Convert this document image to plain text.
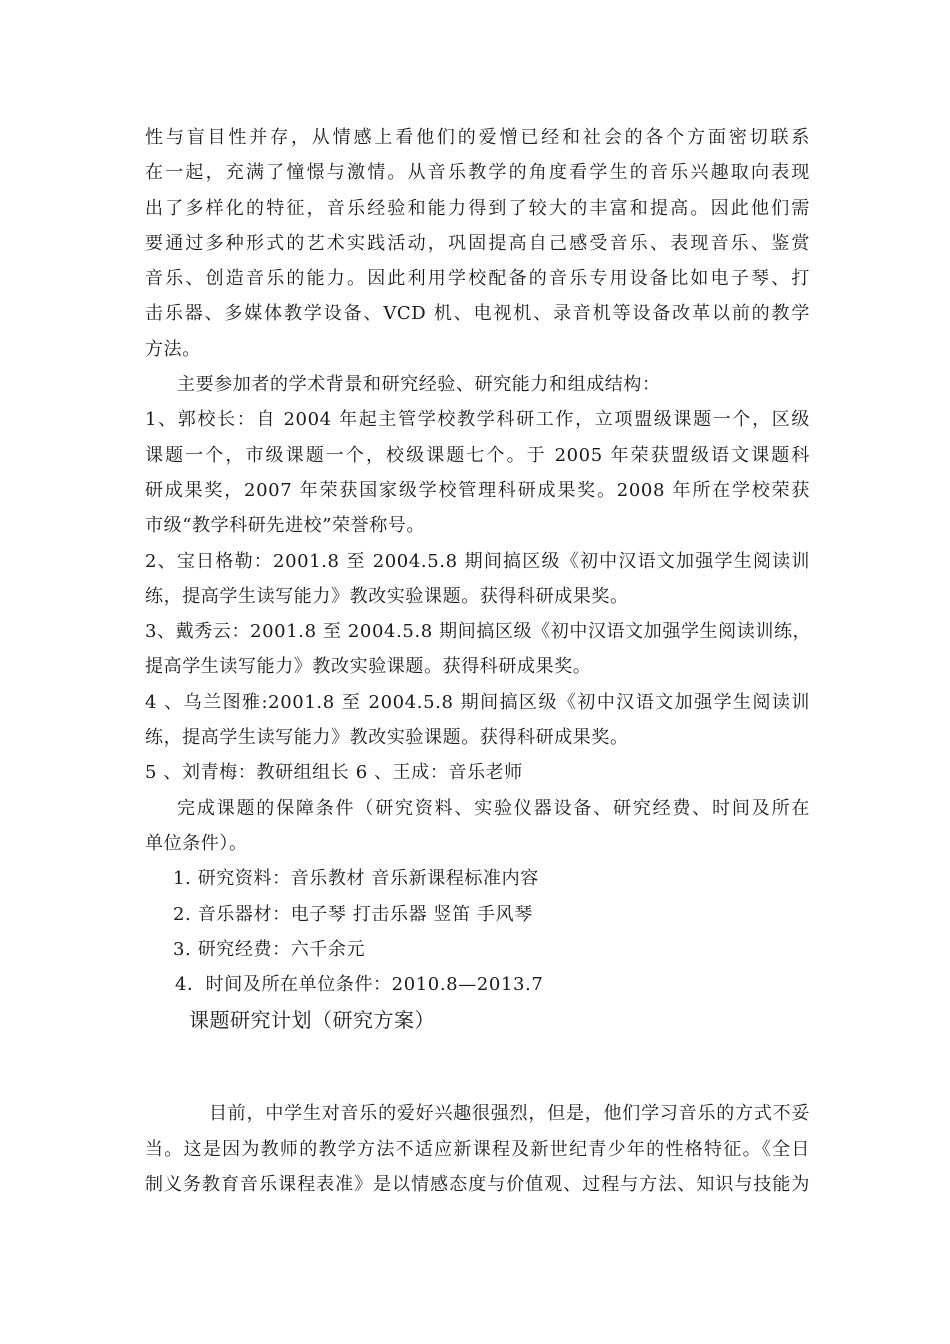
性与盲目性并存，从情感上看他们的爱憎已经和社会的各个方面密切联系
在一起，充满了憧憬与激情。从音乐教学的角度看学生的音乐兴趣取向表现
出了多样化的特征，音乐经验和能力得到了较大的丰富和提高。因此他们需
要通过多种形式的艺术实践活动，巩固提高自己感受音乐、表现音乐、鉴赏
音乐、创造音乐的能力。因此利用学校配备的音乐专用设备比如电子琴、打
击乐器、多媒体教学设备、VCD 机、电视机、录音机等设备改革以前的教学
方法。
主要参加者的学术背景和研究经验、研究能力和组成结构：
1、郭校长：自 2004 年起主管学校教学科研工作，立项盟级课题一个，区级
课题一个，市级课题一个，校级课题七个。于 2005 年荣获盟级语文课题科
研成果奖，2007 年荣获国家级学校管理科研成果奖。2008 年所在学校荣获
市级“教学科研先进校”荣誉称号。
2、宝日格勒：2001.8 至 2004.5.8 期间搞区级《初中汉语文加强学生阅读训
练，提高学生读写能力》教改实验课题。获得科研成果奖。
3、戴秀云：2001.8 至 2004.5.8 期间搞区级《初中汉语文加强学生阅读训练，
提高学生读写能力》教改实验课题。获得科研成果奖。
4 、乌兰图雅:2001.8 至 2004.5.8 期间搞区级《初中汉语文加强学生阅读训
练，提高学生读写能力》教改实验课题。获得科研成果奖。
5 、刘青梅：教研组组长 6 、王成：音乐老师
完成课题的保障条件（研究资料、实验仪器设备、研究经费、时间及所在
单位条件）。
1. 研究资料：音乐教材 音乐新课程标准内容
2. 音乐器材：电子琴 打击乐器 竖笛 手风琴
3. 研究经费：六千余元
4．时间及所在单位条件：2010.8—2013.7
课题研究计划（研究方案）
目前，中学生对音乐的爱好兴趣很强烈，但是，他们学习音乐的方式不妥
当。这是因为教师的教学方法不适应新课程及新世纪青少年的性格特征。《全日
制义务教育音乐课程表准》是以情感态度与价值观、过程与方法、知识与技能为
